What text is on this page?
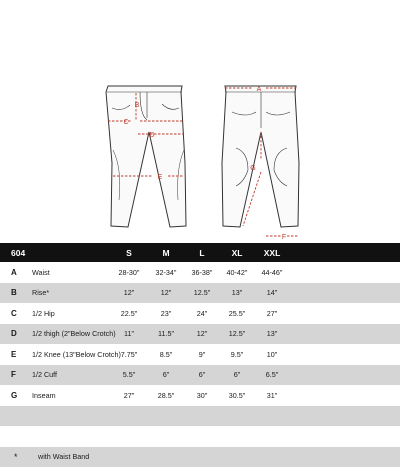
B
C
D
E
A
G
F
604	S	M	L	XL	XXL
A Waist	28-30" 32-34" 36-38" 40-42" 44-46"
B Rise*	12"	12"	12.5"	13"	14"
C 1/2 Hip	22.5"	23"	24"	25.5"	27"
D 1/2 thigh (2"Below Crotch) 11"	11.5"	12"	12.5"	13"
E 1/2 Knee (13"Below Crotch) 7.75"	8.5"	9"	9.5"	10"
F 1/2 Cuff	5.5"	6"	6"	6"	6.5"
G Inseam	27"	28.5"	30"	30.5"	31"
*	with Waist Band
